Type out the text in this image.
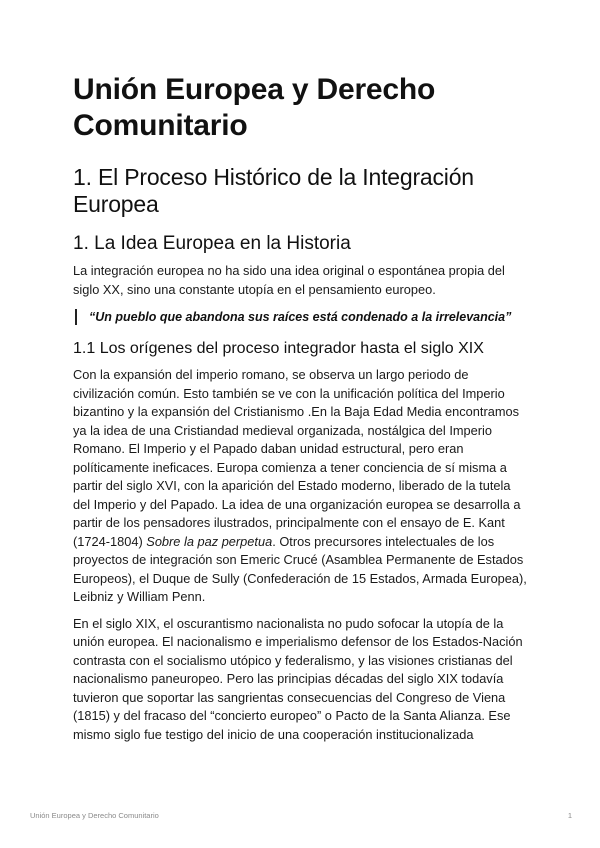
Unión Europea y Derecho Comunitario
1. El Proceso Histórico de la Integración Europea
1. La Idea Europea en la Historia

La integración europea no ha sido una idea original o espontánea propia del siglo XX, sino una constante utopía en el pensamiento europeo.

“Un pueblo que abandona sus raíces está condenado a la irrelevancia”
1.1 Los orígenes del proceso integrador hasta el siglo XIX

Con la expansión del imperio romano, se observa un largo periodo de civilización común. Esto también se ve con la unificación política del Imperio bizantino y la expansión del Cristianismo .En la Baja Edad Media encontramos ya la idea de una Cristiandad medieval organizada, nostálgica del Imperio Romano. El Imperio y el Papado daban unidad estructural, pero eran políticamente ineficaces. Europa comienza a tener conciencia de sí misma a partir del siglo XVI, con la aparición del Estado moderno, liberado de la tutela del Imperio y del Papado. La idea de una organización europea se desarrolla a partir de los pensadores ilustrados, principalmente con el ensayo de E. Kant (1724-1804) Sobre la paz perpetua. Otros precursores intelectuales de los proyectos de integración son Emeric Crucé (Asamblea Permanente de Estados Europeos), el Duque de Sully (Confederación de 15 Estados, Armada Europea), Leibniz y William Penn.

En el siglo XIX, el oscurantismo nacionalista no pudo sofocar la utopía de la unión europea. El nacionalismo e imperialismo defensor de los Estados-Nación contrasta con el socialismo utópico y federalismo, y las visiones cristianas del nacionalismo paneuropeo. Pero las principias décadas del siglo XIX todavía tuvieron que soportar las sangrientas consecuencias del Congreso de Viena (1815) y del fracaso del “concierto europeo” o Pacto de la Santa Alianza. Ese mismo siglo fue testigo del inicio de una cooperación institucionalizada

Unión Europea y Derecho Comunitario	1
